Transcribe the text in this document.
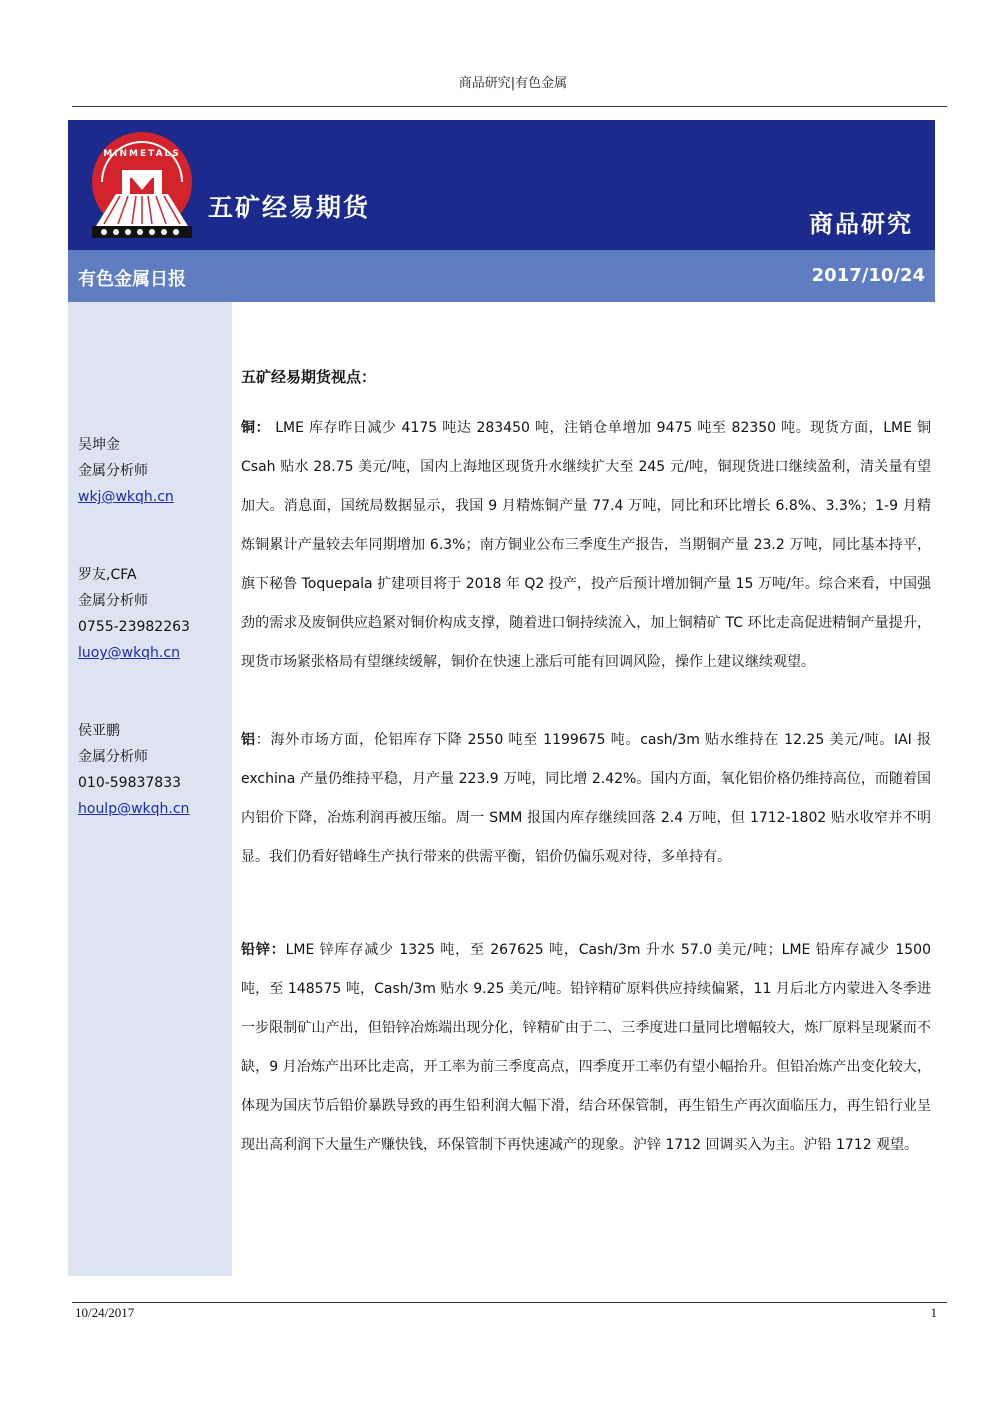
商品研究|有色金属
MINMETALS
五矿经易期货
商品研究
有色金属日报	2017/10/24
吴坤金
金属分析师
wkj@wkqh.cn
罗友,CFA
金属分析师
0755-23982263
luoy@wkqh.cn
侯亚鹏
金属分析师
010-59837833
houlp@wkqh.cn
五矿经易期货视点：

铜： LME 库存昨日减少 4175 吨达 283450 吨，注销仓单增加 9475 吨至 82350 吨。现货方面，LME 铜 Csah 贴水 28.75 美元/吨，国内上海地区现货升水继续扩大至 245 元/吨，铜现货进口继续盈利，清关量有望加大。消息面，国统局数据显示，我国 9 月精炼铜产量 77.4 万吨，同比和环比增长 6.8%、3.3%；1-9 月精炼铜累计产量较去年同期增加 6.3%；南方铜业公布三季度生产报告，当期铜产量 23.2 万吨，同比基本持平，旗下秘鲁 Toquepala 扩建项目将于 2018 年 Q2 投产，投产后预计增加铜产量 15 万吨/年。综合来看，中国强劲的需求及废铜供应趋紧对铜价构成支撑，随着进口铜持续流入，加上铜精矿 TC 环比走高促进精铜产量提升，现货市场紧张格局有望继续缓解，铜价在快速上涨后可能有回调风险，操作上建议继续观望。

铝：海外市场方面，伦铝库存下降 2550 吨至 1199675 吨。cash/3m 贴水维持在 12.25 美元/吨。IAI 报 exchina 产量仍维持平稳，月产量 223.9 万吨，同比增 2.42%。国内方面，氧化铝价格仍维持高位，而随着国内铝价下降，冶炼利润再被压缩。周一 SMM 报国内库存继续回落 2.4 万吨，但 1712-1802 贴水收窄并不明显。我们仍看好错峰生产执行带来的供需平衡，铝价仍偏乐观对待，多单持有。

铅锌：LME 锌库存减少 1325 吨，至 267625 吨，Cash/3m 升水 57.0 美元/吨；LME 铅库存减少 1500 吨，至 148575 吨，Cash/3m 贴水 9.25 美元/吨。铅锌精矿原料供应持续偏紧，11 月后北方内蒙进入冬季进一步限制矿山产出，但铅锌冶炼端出现分化，锌精矿由于二、三季度进口量同比增幅较大，炼厂原料呈现紧而不缺，9 月冶炼产出环比走高，开工率为前三季度高点，四季度开工率仍有望小幅抬升。但铅冶炼产出变化较大，体现为国庆节后铅价暴跌导致的再生铅利润大幅下滑，结合环保管制，再生铅生产再次面临压力，再生铅行业呈现出高利润下大量生产赚快钱，环保管制下再快速减产的现象。沪锌 1712 回调买入为主。沪铅 1712 观望。

10/24/2017	1
